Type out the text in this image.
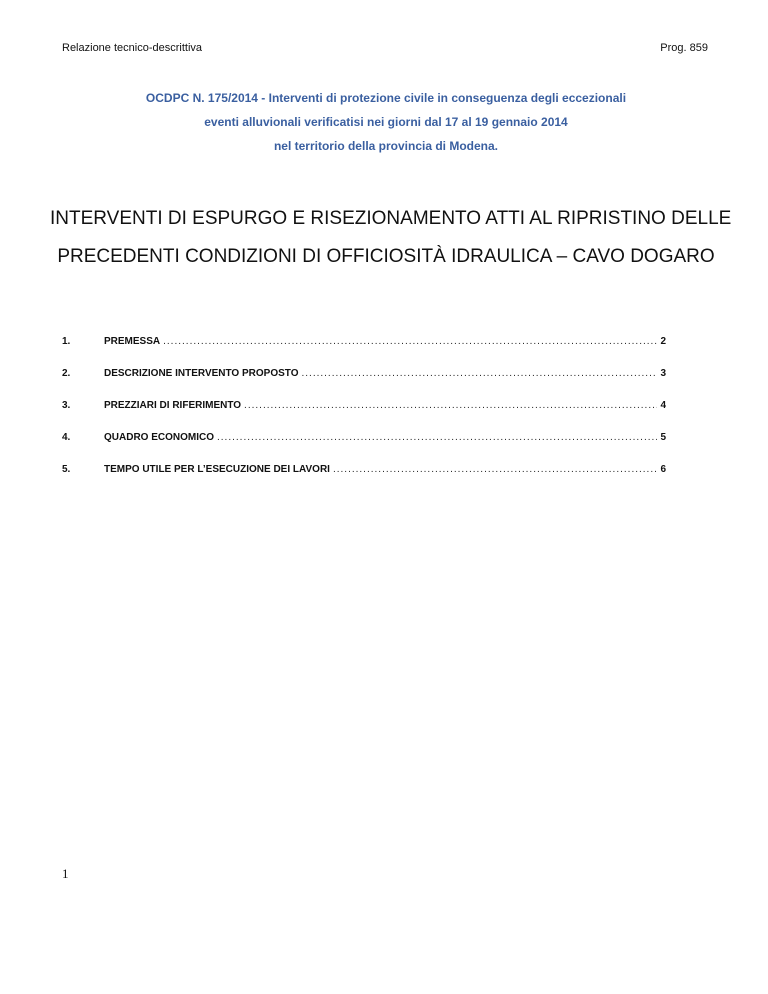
Relazione tecnico-descrittiva	Prog. 859
OCDPC N. 175/2014 - Interventi di protezione civile in conseguenza degli eccezionali
eventi alluvionali verificatisi nei giorni dal 17 al 19 gennaio 2014
nel territorio della provincia di Modena.
INTERVENTI DI ESPURGO E RISEZIONAMENTO ATTI AL RIPRISTINO DELLE
PRECEDENTI CONDIZIONI DI OFFICIOSITÀ IDRAULICA – CAVO DOGARO
1.	PREMESSA .....	2
2.	DESCRIZIONE INTERVENTO PROPOSTO .....	3
3.	PREZZIARI DI RIFERIMENTO .....	4
4.	QUADRO ECONOMICO .....	5
5.	TEMPO UTILE PER L’ESECUZIONE DEI LAVORI .....	6
1
